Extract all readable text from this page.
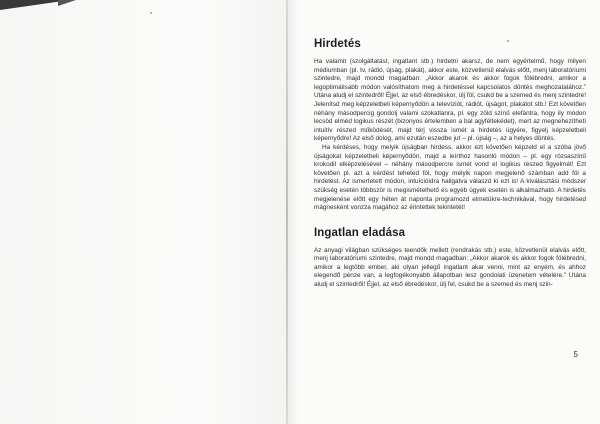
Hirdetés

Ha valamit (szolgáltatást, ingatlant stb.) hirdetni akarsz, de nem egyértelmű, hogy milyen médiumban (pl. tv, rádió, újság, plakát), akkor este, közvetlenül elalvás előtt, menj laboratóriumi szintedre, majd mondd magadban: „Akkor akarok és akkor fogok fölébredni, amikor a legoptimálisabb módon valósíthatom meg a hirdetéssel kapcsolatos döntés meghozatalához.” Utána aludj el szintedről! Éjjel, az első ébredéskor, ülj föl, csukd be a szemed és menj szintedre! Jelenítsd meg képzeletbeli képernyődön a televíziót, rádiót, újságot, plakátot stb.! Ezt követően néhány másodpercig gondolj valami szokatlanra, pl. egy zöld színű elefántra, hogy ily módon lecsöd elméd logikus részét (bizonyos értelemben a bal agyféltekédet), mert az megnehezíthetí intuitív részed működését, majd térj vissza ismét a hirdetés ügyére, figyelj képzeletbeli képernyődre! Az első dolog, ami ezután eszedbe jut – pl. újság –, az a helyes döntés.

Ha kérdéses, hogy melyik újságban hirdess, akkor ezt követően képzeld el a szóba jövő újságokat képzeletbeli képernyődön, majd a leírthoz hasonló módon – pl. egy rózsaszínű krokodil elképzelésével – néhány másodpercre ismét vond el logikus részed figyelmét! Ezt követően pl. azt a kérdést teheted föl, hogy melyik napon megjelenő számban add föl a hirdetést. Az ismertetett módon, intuícióidra hallgatva válaszd ki ezt is! A kiválasztási módszer szükség esetén többször is megismételhető és egyéb ügyek esetén is alkalmazható. A hirdetés megjelenése előtt egy héten át naponta programozd elmetükre-technikával, hogy hirdetésed mágnesként vonzza magához az érintettek tekintetét!

Ingatlan eladása

Az anyagi világban szükséges teendők mellett (rendrakás stb.) este, közvetlenül elalvás előtt, menj laboratóriumi szintedre, majd mondd magadban: „Akkor akarok és akkor fogok fölébredni, amikor a legtöbb ember, aki olyan jellegű ingatlant akar venni, mint az enyém, és ahhoz elegendő pénze van, a legfogékonyabb állapotban lesz gondolati üzenetem vételére.” Utána aludj el szintedről! Éjjel, az első ébredéskor, ülj fel, csukd be a szemed és menj szin-

5
